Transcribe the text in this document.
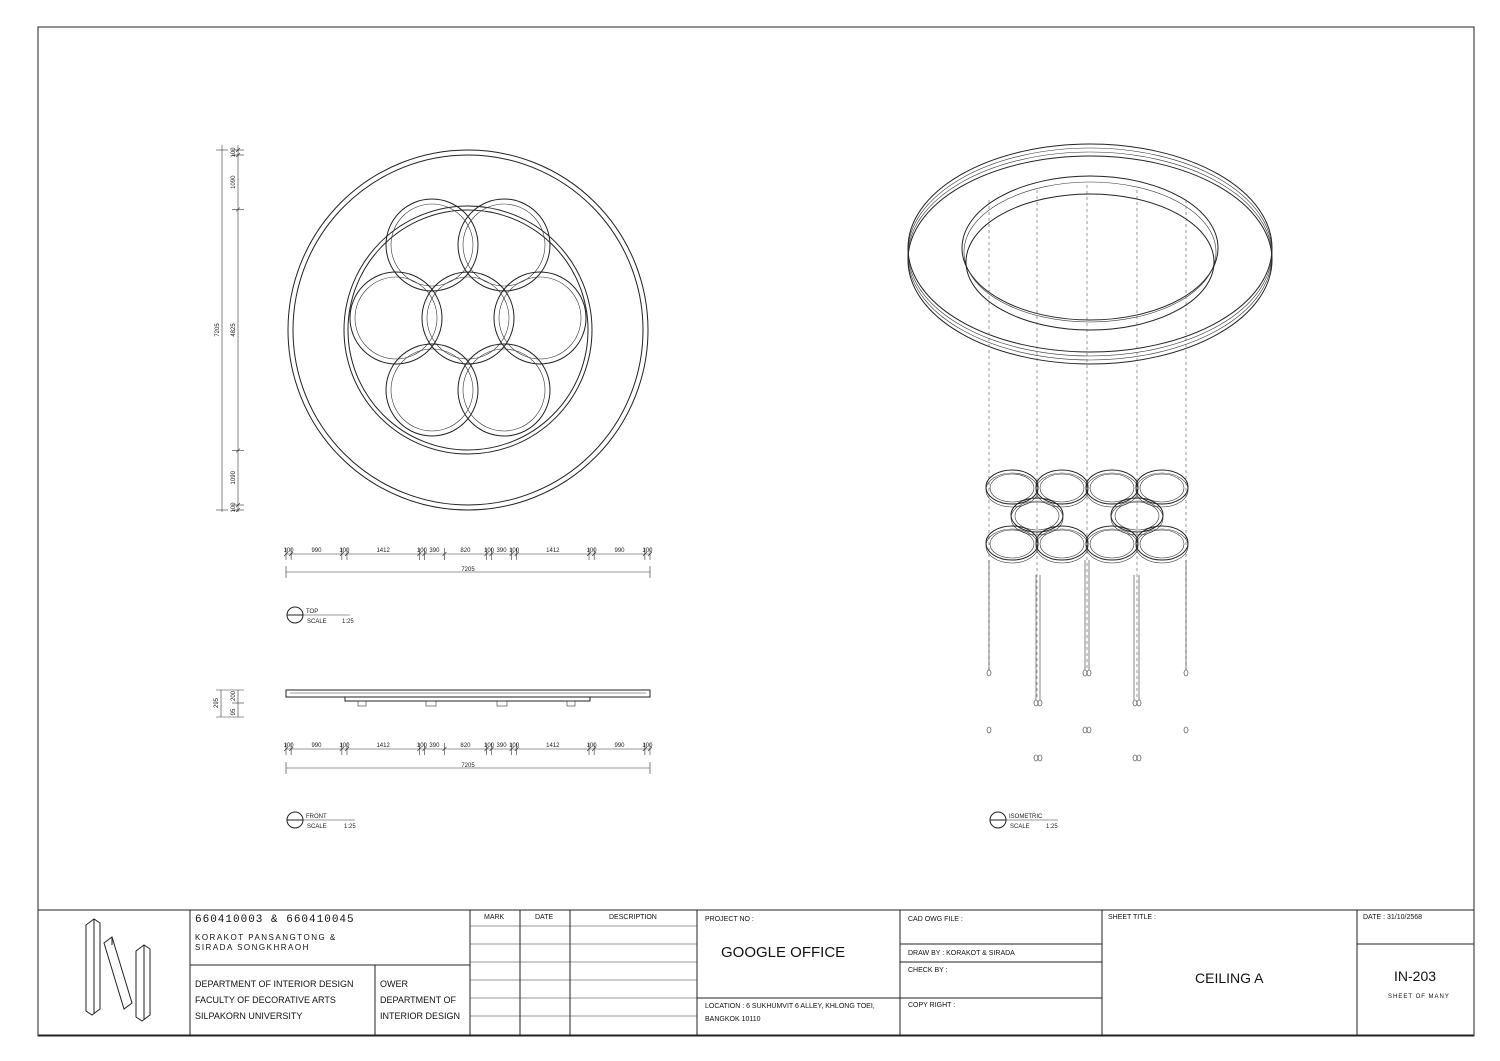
7205
100
1090
4825
1090
100
100	990	100	1412	100 390	820 100 390 100	1412	100	990	100
7205
TOP
SCALE	1:25
295
200
95
100	990	100	1412	100 390	820 100 390 100	1412	100	990	100
7205
FRONT
SCALE	1:25
ISOMETRIC
SCALE	1:25
660410003 & 660410045
KORAKOT PANSANGTONG &
SIRADA SONGKHRAOH
DEPARTMENT OF INTERIOR DESIGN
FACULTY OF DECORATIVE ARTS
SILPAKORN UNIVERSITY
OWER
DEPARTMENT OF
INTERIOR DESIGN
MARK	DATE	DESCRIPTION	PROJECT NO :
GOOGLE OFFICE
LOCATION : 6 SUKHUMVIT 6 ALLEY, KHLONG TOEI,
BANGKOK 10110
CAD OWG FILE :
DRAW BY : KORAKOT & SIRADA
CHECK BY :
COPY RIGHT :
SHEET TITLE :
CEILING A
DATE : 31/10/2568
IN-203
SHEET OF MANY
